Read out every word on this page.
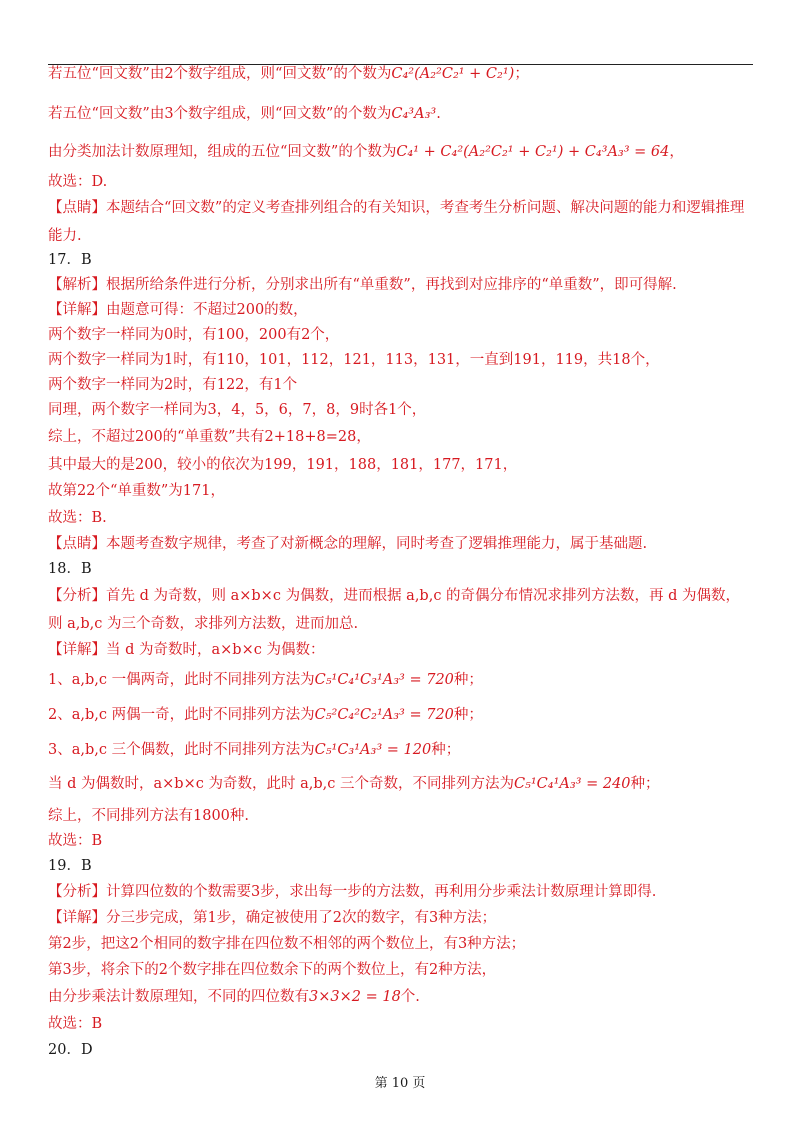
若五位“回文数”由2个数字组成，则“回文数”的个数为C₄²(A₂²C₂¹ + C₂¹)；
若五位“回文数”由3个数字组成，则“回文数”的个数为C₄³A₃³.
由分类加法计数原理知，组成的五位“回文数”的个数为C₄¹ + C₄²(A₂²C₂¹ + C₂¹) + C₄³A₃³ = 64，
故选：D.
【点睛】本题结合“回文数”的定义考查排列组合的有关知识，考查考生分析问题、解决问题的能力和逻辑推理能力.
17．B
【解析】根据所给条件进行分析，分别求出所有“单重数”，再找到对应排序的“单重数”，即可得解.
【详解】由题意可得：不超过200的数，
两个数字一样同为0时，有100，200有2个，
两个数字一样同为1时，有110，101，112，121，113，131，一直到191，119，共18个，
两个数字一样同为2时，有122，有1个
同理，两个数字一样同为3，4，5，6，7，8，9时各1个，
综上，不超过200的“单重数”共有2+18+8=28，
其中最大的是200，较小的依次为199，191，188，181，177，171，
故第22个“单重数”为171，
故选：B.
【点睛】本题考查数字规律，考查了对新概念的理解，同时考查了逻辑推理能力，属于基础题.
18．B
【分析】首先 d 为奇数，则 a×b×c 为偶数，进而根据 a,b,c 的奇偶分布情况求排列方法数，再 d 为偶数，则 a,b,c 为三个奇数，求排列方法数，进而加总.
【详解】当 d 为奇数时，a×b×c 为偶数：
1、a,b,c 一偶两奇，此时不同排列方法为C₅¹C₄¹C₃¹A₃³ = 720种；
2、a,b,c 两偶一奇，此时不同排列方法为C₅²C₄²C₂¹A₃³ = 720种；
3、a,b,c 三个偶数，此时不同排列方法为C₅¹C₃¹A₃³ = 120种；
当 d 为偶数时，a×b×c 为奇数，此时 a,b,c 三个奇数，不同排列方法为C₅¹C₄¹A₃³ = 240种；
综上，不同排列方法有1800种.
故选：B
19．B
【分析】计算四位数的个数需要3步，求出每一步的方法数，再利用分步乘法计数原理计算即得.
【详解】分三步完成，第1步，确定被使用了2次的数字，有3种方法；
第2步，把这2个相同的数字排在四位数不相邻的两个数位上，有3种方法；
第3步，将余下的2个数字排在四位数余下的两个数位上，有2种方法，
由分步乘法计数原理知，不同的四位数有3×3×2 = 18个.
故选：B
20．D
第 10 页
